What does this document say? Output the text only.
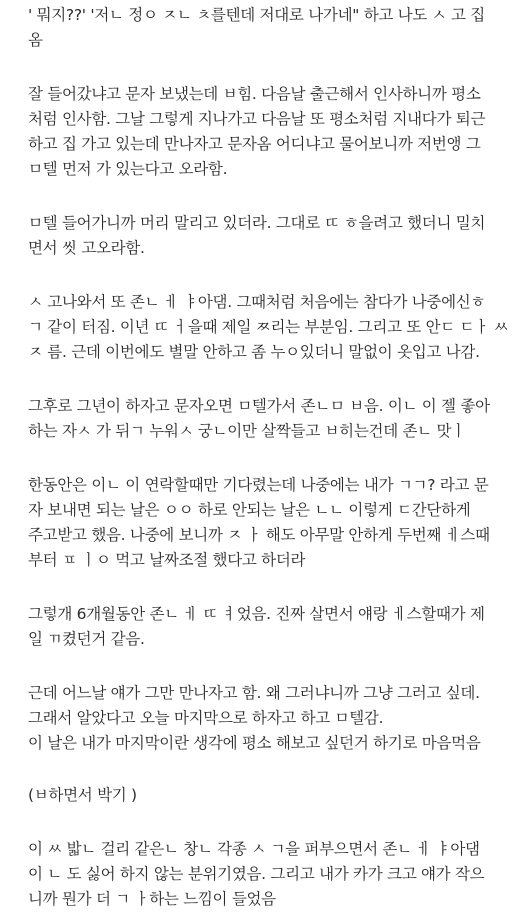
' 뭐지??' '저ㄴ 정ㅇ ㅈㄴ ㅊ를텐데 저대로 나가네" 하고 나도 ㅅ 고 집
옴

잘 들어갔냐고 문자 보냈는데 ㅂ힘. 다음날 출근해서 인사하니까 평소
처럼 인사함. 그날 그렇게 지나가고 다음날 또 평소처럼 지내다가 퇴근
하고 집 가고 있는데 만나자고 문자옴 어디냐고 물어보니까 저번앵 그
ㅁ텔 먼저 가 있는다고 오라함.

ㅁ텔 들어가니까 머리 말리고 있더라. 그대로 ㄸ ㅎ을려고 했더니 밀치
면서 씻 고오라함.

ㅅ 고나와서 또 존ㄴ ㅔ ㅑ아댐. 그때처럼 처음에는 참다가 나중에신ㅎ
ㄱ 같이 터짐. 이년 ㄸ ㅓ을때 제일 ㅉ리는 부분임. 그리고 또 안ㄷ ㄷㅏ ㅆ
ㅈ 름. 근데 이번에도 별말 안하고 좀 누ㅇ있더니 말없이 옷입고 나감.

그후로 그년이 하자고 문자오면 ㅁ텔가서 존ㄴㅁ ㅂ음. 이ㄴ 이 젤 좋아
하는 자ㅅ 가 뒤ㄱ 누워ㅅ 궁ㄴ이만 살짝들고 ㅂ히는건데 존ㄴ 맛ㅣ

한동안은 이ㄴ 이 연락할때만 기다렸는데 나중에는 내가 ㄱㄱ? 라고 문
자 보내면 되는 날은 ㅇㅇ 하로 안되는 날은 ㄴㄴ 이렇게 ㄷ간단하게
주고받고 했음. 나중에 보니까 ㅈ ㅏ 해도 아무말 안하게 두번째 ㅔ스때
부터 ㅍ ㅣㅇ 먹고 날짜조절 했다고 하더라

그렇개 6개월동안 존ㄴ ㅔ ㄸ ㅕ었음. 진짜 살면서 얘랑 ㅔ스할때가 제
일 ㄲ켰던거 같음.

근데 어느날 얘가 그만 만나자고 함. 왜 그러냐니까 그냥 그러고 싶데.
그래서 알았다고 오늘 마지막으로 하자고 하고 ㅁ텔감.
이 날은 내가 마지막이란 생각에 평소 해보고 싶던거 하기로 마음먹음

(ㅂ하면서 박기 )

이 ㅆ 밟ㄴ 걸리 같은ㄴ 창ㄴ 각종 ㅅ ㄱ을 퍼부으면서 존ㄴ ㅔ ㅑ아댐
이 ㄴ 도 싫어 하지 않는 분위기였음. 그리고 내가 카가 크고 얘가 작으
니까 뭔가 더 ㄱ ㅏ하는 느낌이 들었음
